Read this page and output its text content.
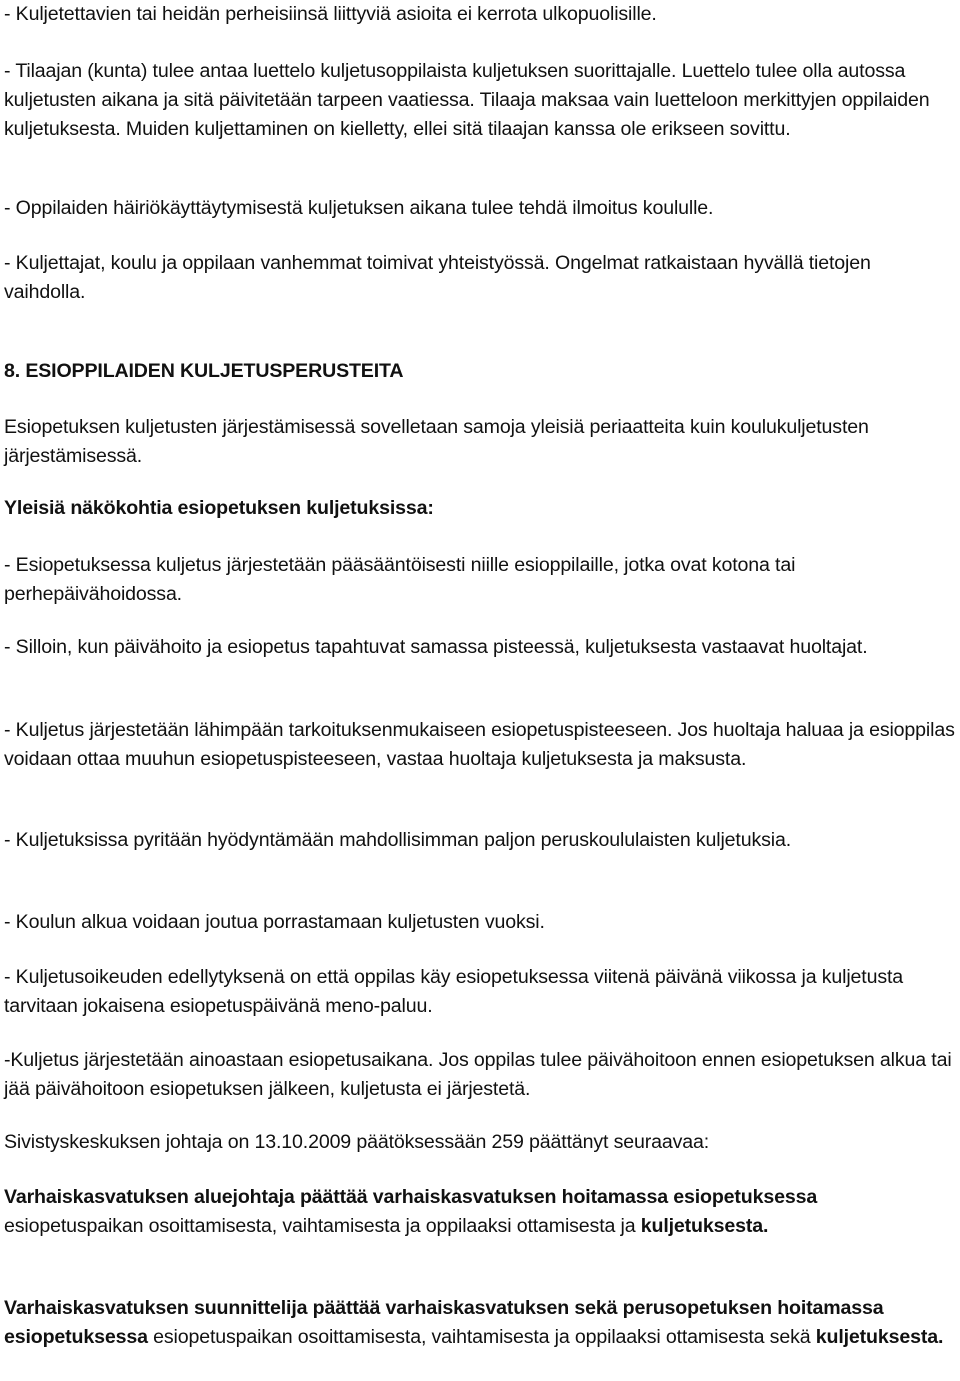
- Kuljetettavien tai heidän perheisiinsä liittyviä asioita ei kerrota ulkopuolisille.

- Tilaajan (kunta) tulee antaa luettelo kuljetusoppilaista kuljetuksen suorittajalle. Luettelo tulee olla autossa kuljetusten aikana ja sitä päivitetään tarpeen vaatiessa. Tilaaja maksaa vain luetteloon merkittyjen oppilaiden kuljetuksesta. Muiden kuljettaminen on kielletty, ellei sitä tilaajan kanssa ole erikseen sovittu.

- Oppilaiden häiriökäyttäytymisestä kuljetuksen aikana tulee tehdä ilmoitus koululle.

- Kuljettajat, koulu ja oppilaan vanhemmat toimivat yhteistyössä. Ongelmat ratkaistaan hyvällä tietojen vaihdolla.

8. ESIOPPILAIDEN KULJETUSPERUSTEITA

Esiopetuksen kuljetusten järjestämisessä sovelletaan samoja yleisiä periaatteita kuin koulukuljetusten järjestämisessä.

Yleisiä näkökohtia esiopetuksen kuljetuksissa:

- Esiopetuksessa kuljetus järjestetään pääsääntöisesti niille esioppilaille, jotka ovat kotona tai perhepäivähoidossa.

- Silloin, kun päivähoito ja esiopetus tapahtuvat samassa pisteessä, kuljetuksesta vastaavat huoltajat.

- Kuljetus järjestetään lähimpään tarkoituksenmukaiseen esiopetuspisteeseen. Jos huoltaja haluaa ja esioppilas voidaan ottaa muuhun esiopetuspisteeseen, vastaa huoltaja kuljetuksesta ja maksusta.

- Kuljetuksissa pyritään hyödyntämään mahdollisimman paljon peruskoululaisten kuljetuksia.

- Koulun alkua voidaan joutua porrastamaan kuljetusten vuoksi.

- Kuljetusoikeuden edellytyksenä on että oppilas käy esiopetuksessa viitenä päivänä viikossa ja kuljetusta tarvitaan jokaisena esiopetuspäivänä meno-paluu.

-Kuljetus järjestetään ainoastaan esiopetusaikana. Jos oppilas tulee päivähoitoon ennen esiopetuksen alkua tai jää päivähoitoon esiopetuksen jälkeen, kuljetusta ei järjestetä.

Sivistyskeskuksen johtaja on 13.10.2009 päätöksessään 259 päättänyt seuraavaa:

Varhaiskasvatuksen aluejohtaja päättää varhaiskasvatuksen hoitamassa esiopetuksessa esiopetuspaikan osoittamisesta, vaihtamisesta ja oppilaaksi ottamisesta ja kuljetuksesta.

Varhaiskasvatuksen suunnittelija päättää varhaiskasvatuksen sekä perusopetuksen hoitamassa esiopetuksessa esiopetuspaikan osoittamisesta, vaihtamisesta ja oppilaaksi ottamisesta sekä kuljetuksesta.
